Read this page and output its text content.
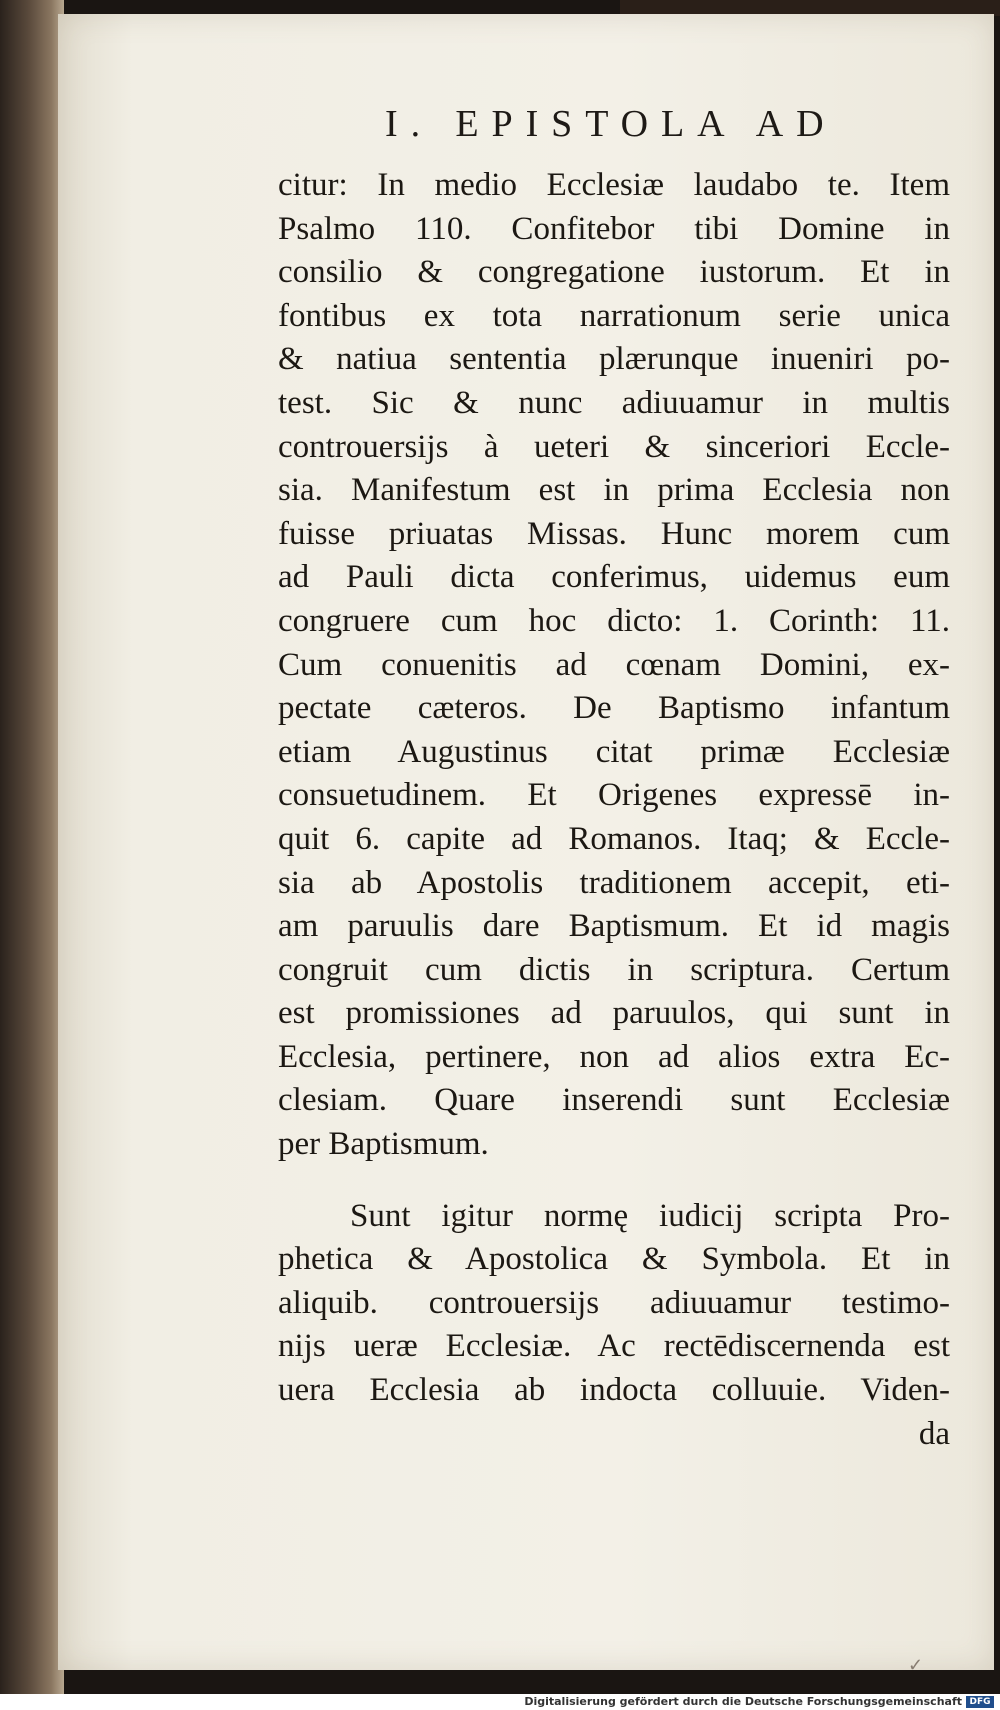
I. EPISTOLA AD
citur: In medio Ecclesiæ laudabo te. Item
Psalmo 110. Confitebor tibi Domine in
consilio & congregatione iustorum. Et in
fontibus ex tota narrationum serie unica
& natiua sententia plærunque inueniri po-
test. Sic & nunc adiuuamur in multis
controuersijs à ueteri & sinceriori Eccle-
sia. Manifestum est in prima Ecclesia non
fuisse priuatas Missas. Hunc morem cum
ad Pauli dicta conferimus, uidemus eum
congruere cum hoc dicto: 1. Corinth: 11.
Cum conuenitis ad cœnam Domini, ex-
pectate cæteros. De Baptismo infantum
etiam Augustinus citat primæ Ecclesiæ
consuetudinem. Et Origenes expressē in-
quit 6. capite ad Romanos. Itaq; & Eccle-
sia ab Apostolis traditionem accepit, eti-
am paruulis dare Baptismum. Et id magis
congruit cum dictis in scriptura. Certum
est promissiones ad paruulos, qui sunt in
Ecclesia, pertinere, non ad alios extra Ec-
clesiam. Quare inserendi sunt Ecclesiæ
per Baptismum.
Sunt igitur normę iudicij scripta Pro-
phetica & Apostolica & Symbola. Et in
aliquib. controuersijs adiuuamur testimo-
nijs ueræ Ecclesiæ. Ac rectēdiscernenda est
uera Ecclesia ab indocta colluuie. Viden-
da
✓
Digitalisierung gefördert durch die Deutsche Forschungsgemeinschaft DFG
